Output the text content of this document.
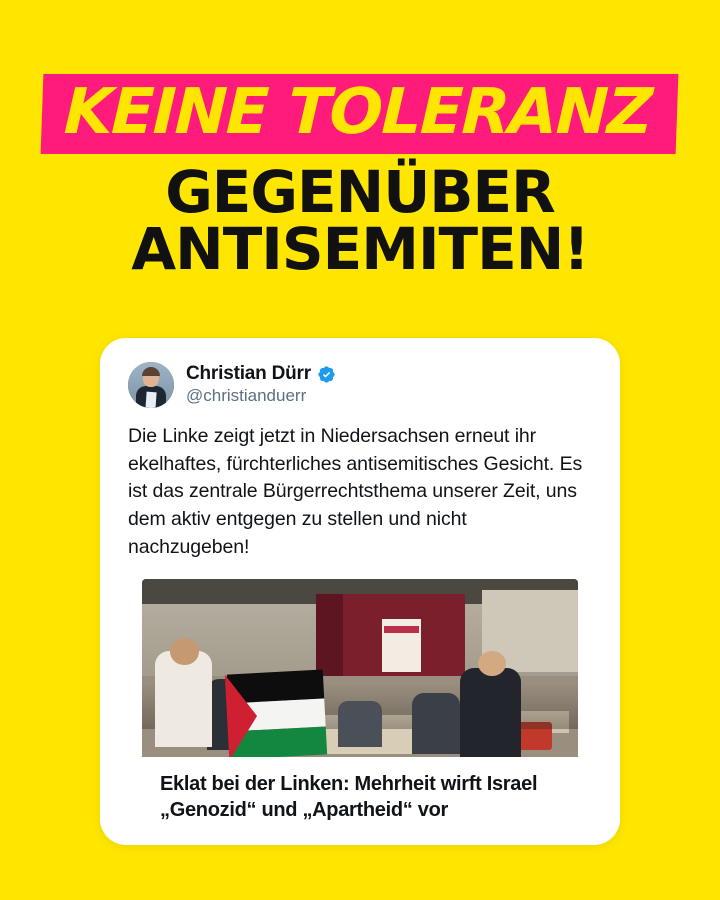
KEINE TOLERANZ
GEGENÜBER
ANTISEMITEN!
Christian Dürr
@christianduerr
Die Linke zeigt jetzt in Niedersachsen erneut ihr ekelhaftes, fürchterliches antisemitisches Gesicht. Es ist das zentrale Bürgerrechtsthema unserer Zeit, uns dem aktiv entgegen zu stellen und nicht nachzugeben!
Eklat bei der Linken: Mehrheit wirft Israel „Genozid“ und „Apartheid“ vor
